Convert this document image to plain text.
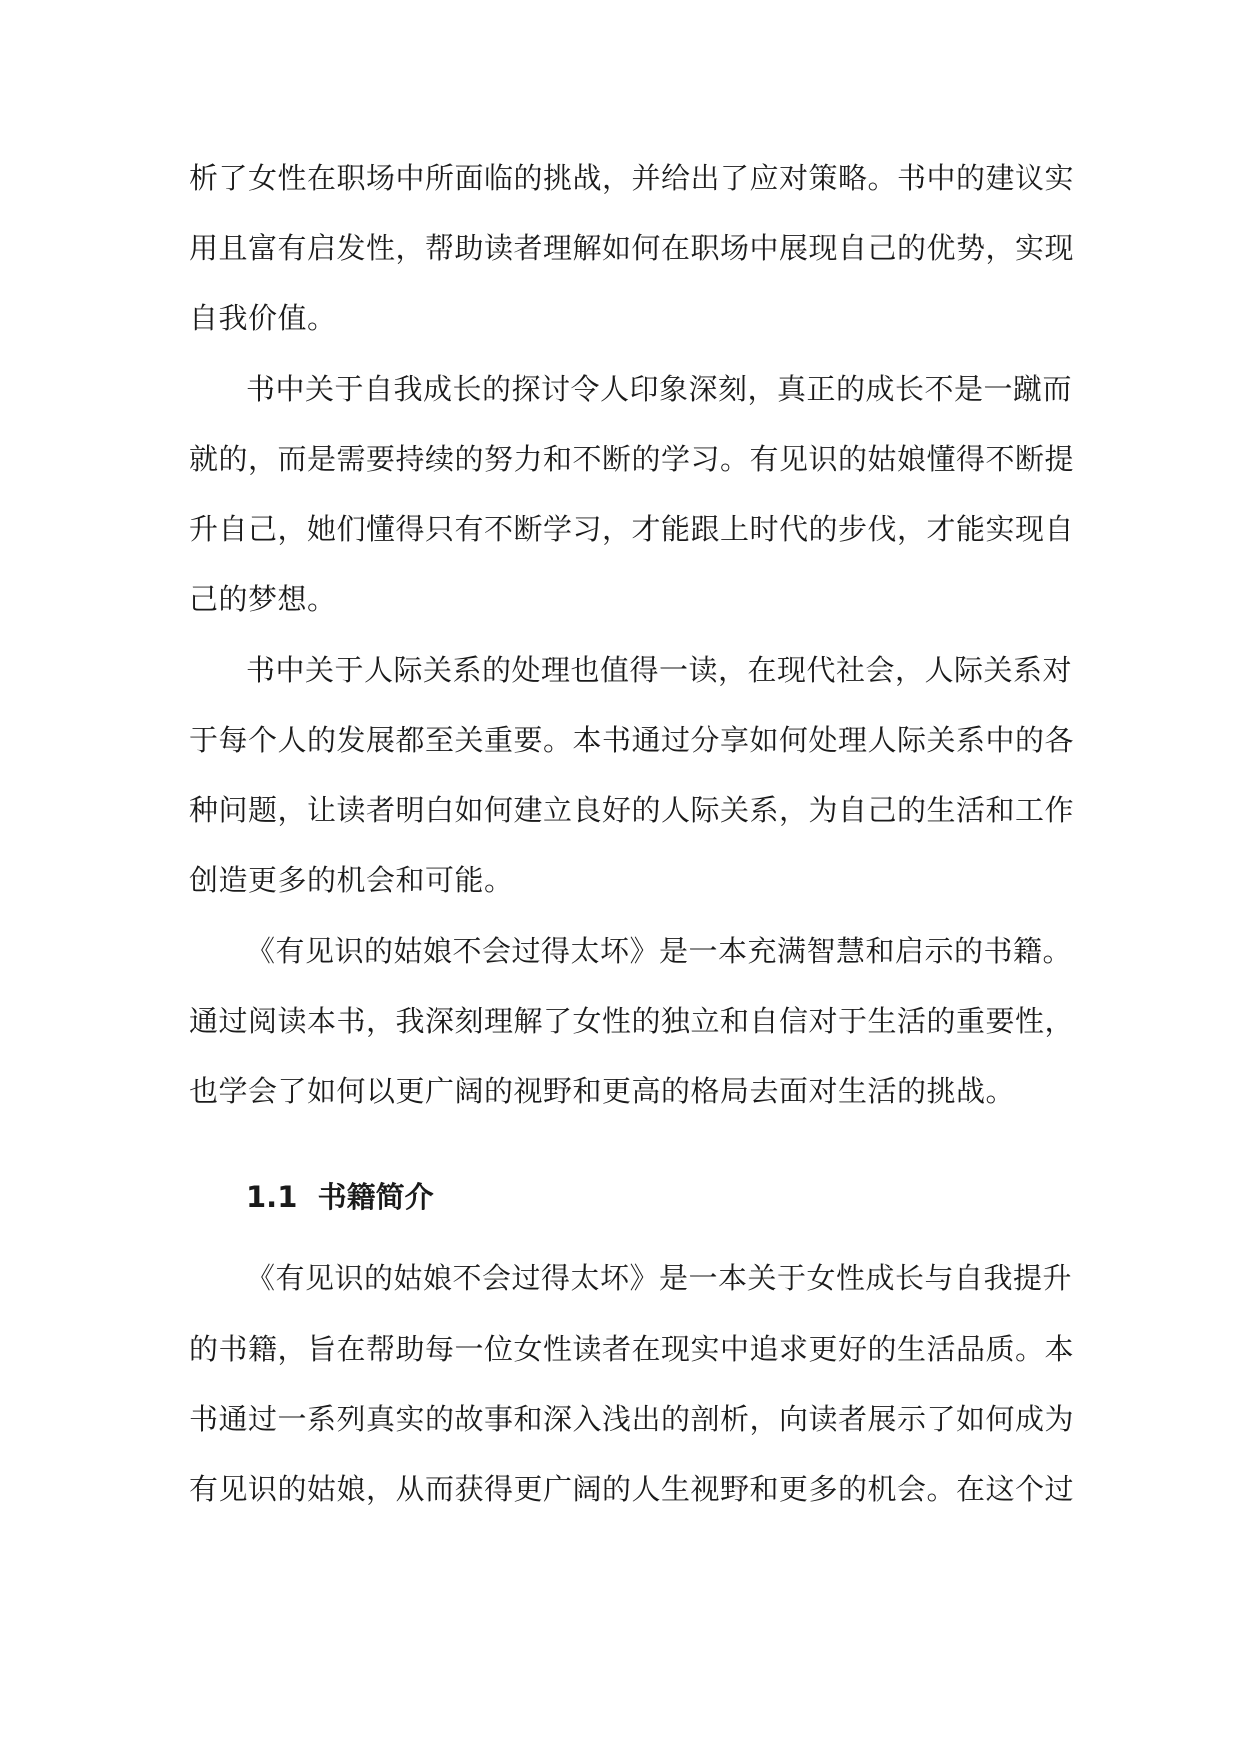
析了女性在职场中所面临的挑战，并给出了应对策略。书中的建议实
用且富有启发性，帮助读者理解如何在职场中展现自己的优势，实现
自我价值。
书中关于自我成长的探讨令人印象深刻，真正的成长不是一蹴而
就的，而是需要持续的努力和不断的学习。有见识的姑娘懂得不断提
升自己，她们懂得只有不断学习，才能跟上时代的步伐，才能实现自
己的梦想。
书中关于人际关系的处理也值得一读，在现代社会，人际关系对
于每个人的发展都至关重要。本书通过分享如何处理人际关系中的各
种问题，让读者明白如何建立良好的人际关系，为自己的生活和工作
创造更多的机会和可能。
《有见识的姑娘不会过得太坏》是一本充满智慧和启示的书籍。
通过阅读本书，我深刻理解了女性的独立和自信对于生活的重要性，
也学会了如何以更广阔的视野和更高的格局去面对生活的挑战。
1.1 书籍简介
《有见识的姑娘不会过得太坏》是一本关于女性成长与自我提升
的书籍，旨在帮助每一位女性读者在现实中追求更好的生活品质。本
书通过一系列真实的故事和深入浅出的剖析，向读者展示了如何成为
有见识的姑娘，从而获得更广阔的人生视野和更多的机会。在这个过
